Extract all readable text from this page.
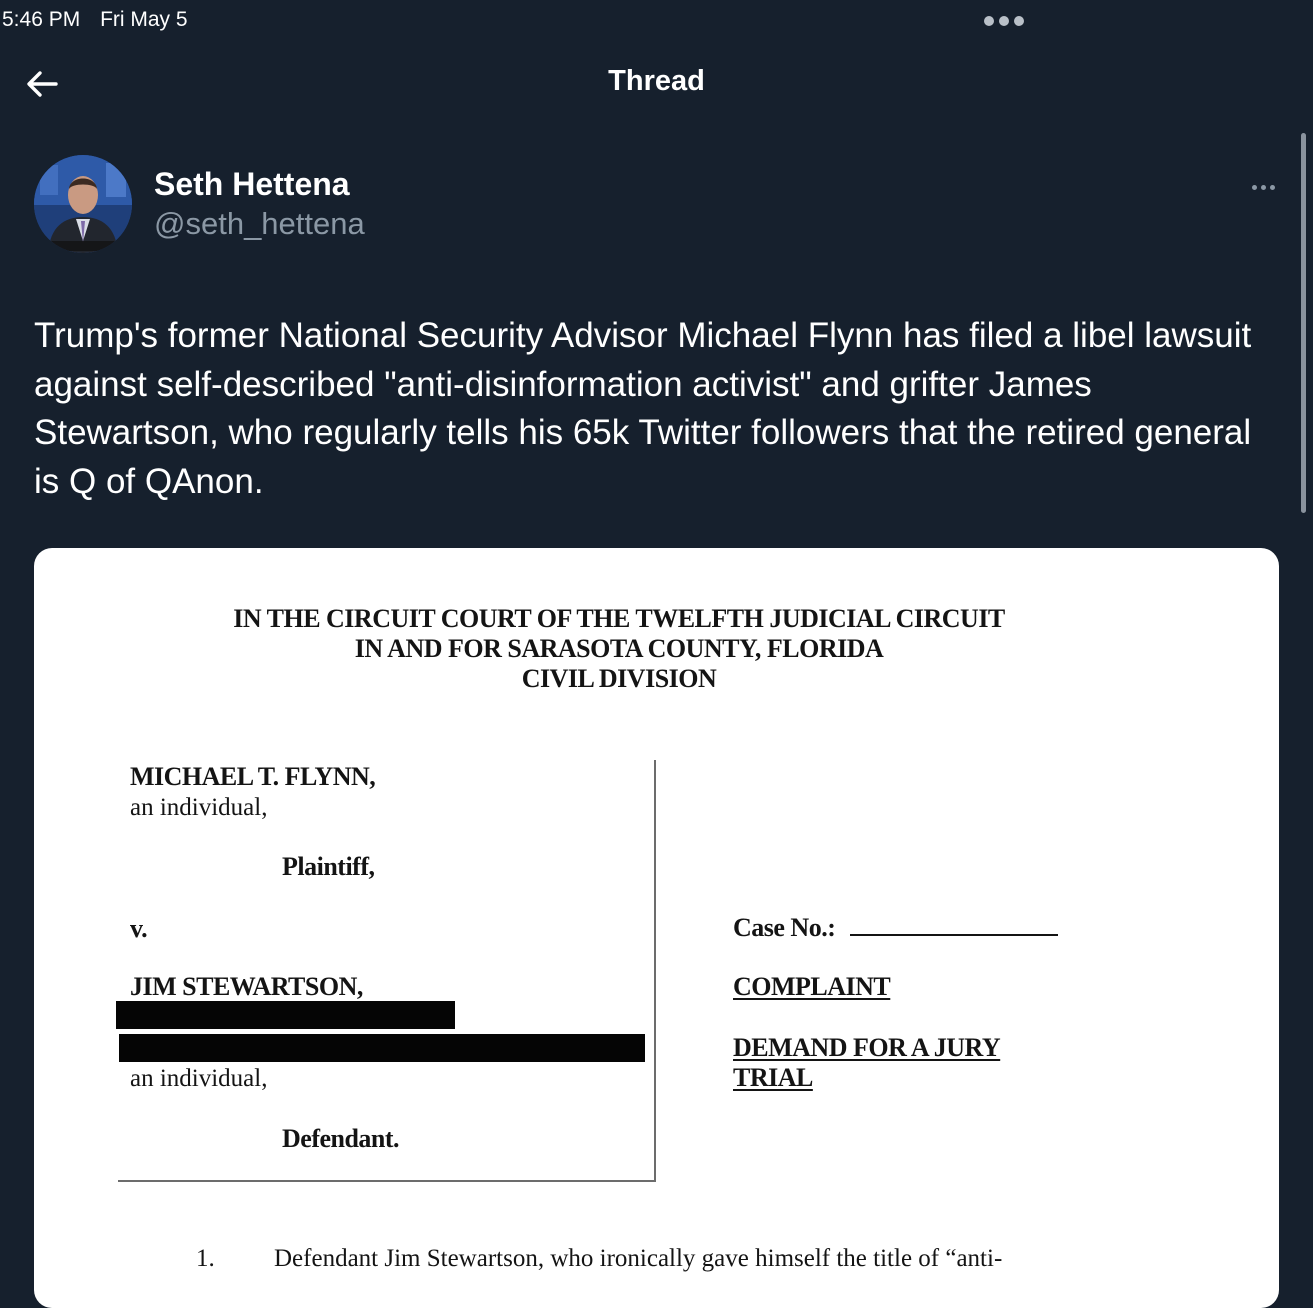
5:46 PM Fri May 5
Thread
Seth Hettena
@seth_hettena
Trump's former National Security Advisor Michael Flynn has filed a libel lawsuit against self-described "anti-disinformation activist" and grifter James Stewartson, who regularly tells his 65k Twitter followers that the retired general is Q of QAnon.
IN THE CIRCUIT COURT OF THE TWELFTH JUDICIAL CIRCUIT
IN AND FOR SARASOTA COUNTY, FLORIDA
CIVIL DIVISION
MICHAEL T. FLYNN,
an individual,
Plaintiff,
v.
JIM STEWARTSON,
an individual,
Defendant.
Case No.:
COMPLAINT
DEMAND FOR A JURY
TRIAL
1. Defendant Jim Stewartson, who ironically gave himself the title of “anti-
